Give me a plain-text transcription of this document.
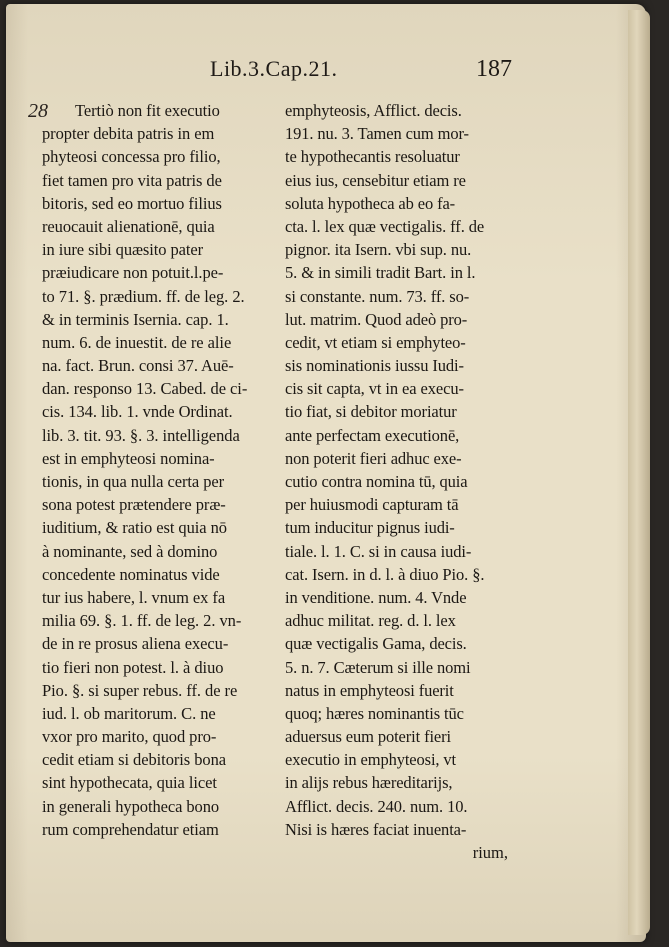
Lib.3.Cap.21.	187
28	Tertiò non fit executio
propter debita patris in em
phyteosi concessa pro filio,
fiet tamen pro vita patris de
bitoris, sed eo mortuo filius
reuocauit alienationē, quia
in iure sibi quæsito pater
præiudicare non potuit.l.pe-
to 71. §. prædium. ff. de leg. 2.
& in terminis Isernia. cap. 1.
num. 6. de inuestit. de re alie
na. fact. Brun. consi 37. Auē-
dan. responso 13. Cabed. de ci-
cis. 134. lib. 1. vnde Ordinat.
lib. 3. tit. 93. §. 3. intelligenda
est in emphyteosi nomina-
tionis, in qua nulla certa per
sona potest prætendere præ-
iuditium, & ratio est quia nō
à nominante, sed à domino
concedente nominatus vide
tur ius habere, l. vnum ex fa
milia 69. §. 1. ff. de leg. 2. vn-
de in re prosus aliena execu-
tio fieri non potest. l. à diuo
Pio. §. si super rebus. ff. de re
iud. l. ob maritorum. C. ne
vxor pro marito, quod pro-
cedit etiam si debitoris bona
sint hypothecata, quia licet
in generali hypotheca bono
rum comprehendatur etiam
emphyteosis, Afflict. decis.
191. nu. 3. Tamen cum mor-
te hypothecantis resoluatur
eius ius, censebitur etiam re
soluta hypotheca ab eo fa-
cta. l. lex quæ vectigalis. ff. de
pignor. ita Isern. vbi sup. nu.
5. & in simili tradit Bart. in l.
si constante. num. 73. ff. so-
lut. matrim. Quod adeò pro-
cedit, vt etiam si emphyteo-
sis nominationis iussu Iudi-
cis sit capta, vt in ea execu-
tio fiat, si debitor moriatur
ante perfectam executionē,
non poterit fieri adhuc exe-
cutio contra nomina tū, quia
per huiusmodi capturam tā
tum inducitur pignus iudi-
tiale. l. 1. C. si in causa iudi-
cat. Isern. in d. l. à diuo Pio. §.
in venditione. num. 4. Vnde
adhuc militat. reg. d. l. lex
quæ vectigalis Gama, decis.
5. n. 7. Cæterum si ille nomi
natus in emphyteosi fuerit
quoq; hæres nominantis tūc
aduersus eum poterit fieri
executio in emphyteosi, vt
in alijs rebus hæreditarijs,
Afflict. decis. 240. num. 10.
Nisi is hæres faciat inuenta-
rium,
